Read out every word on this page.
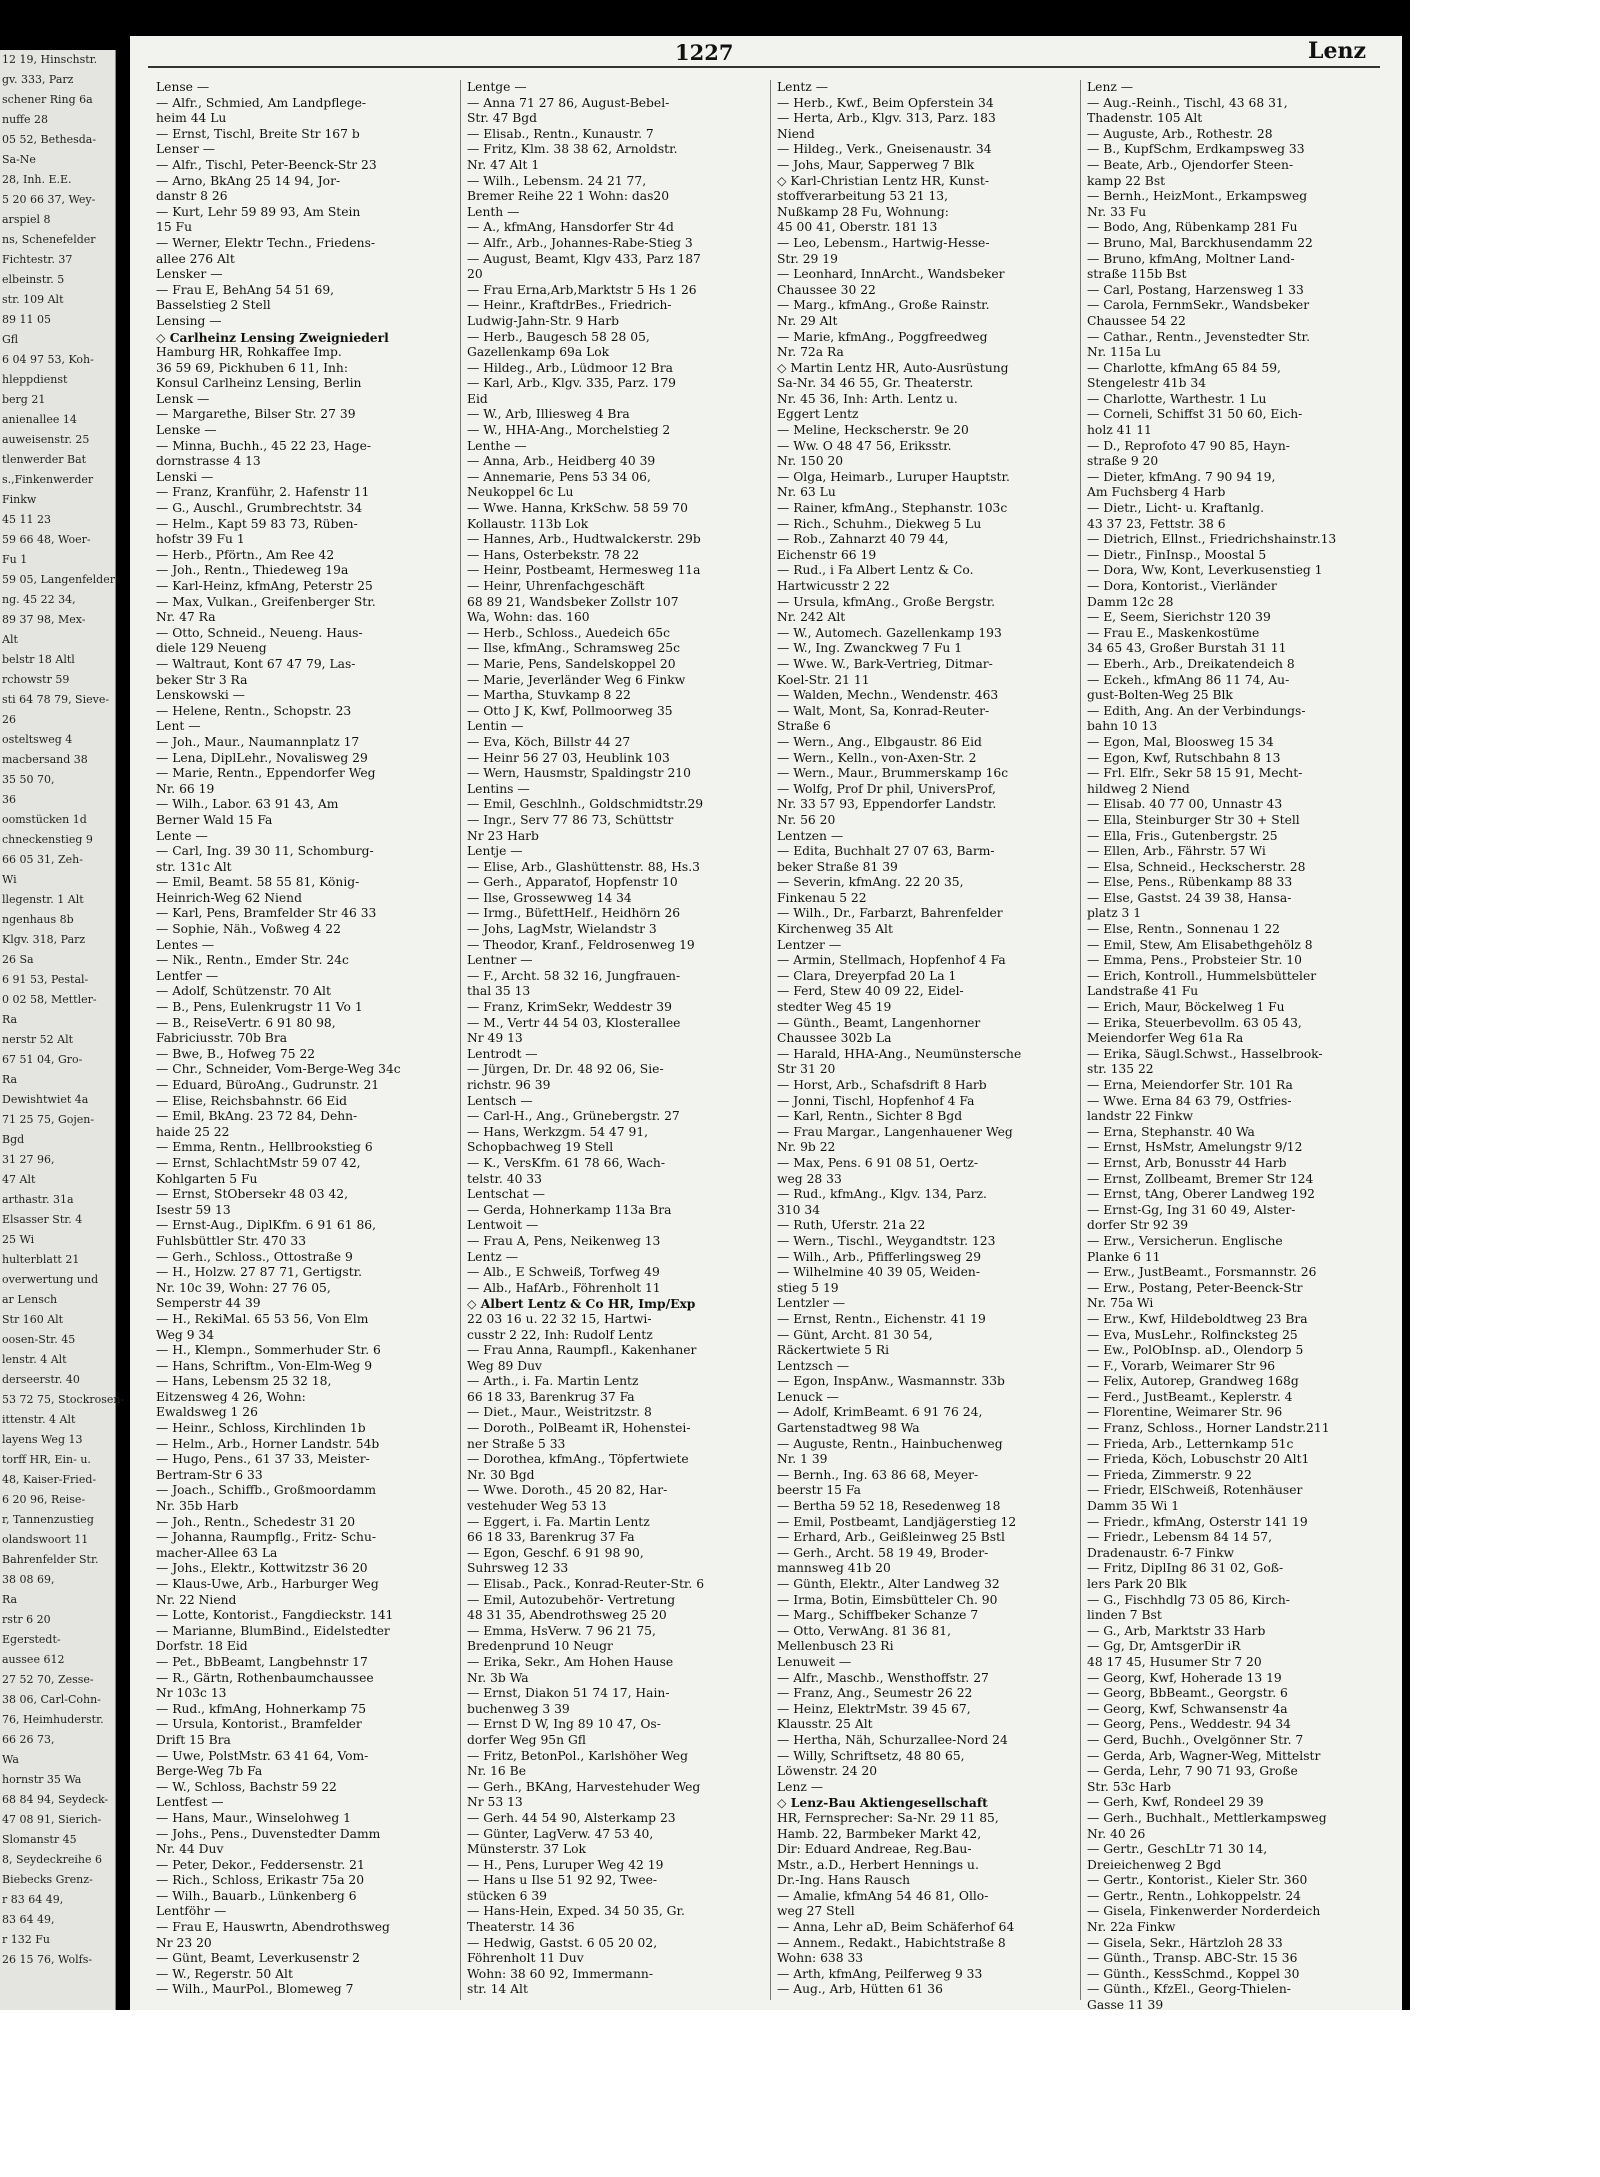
12 19, Hinschstr.
gv. 333, Parz
schener Ring 6a
nuffe 28
05 52, Bethesda-
Sa-Ne
28, Inh. E.E.
5 20 66 37, Wey-
arspiel 8
ns, Schenefelder
Fichtestr. 37
elbeinstr. 5
str. 109 Alt
89 11 05
Gfl
6 04 97 53, Koh-
hleppdienst
berg 21
anienallee 14
auweisenstr. 25
tlenwerder Bat
s.,Finkenwerder
Finkw
45 11 23
59 66 48, Woer-
Fu 1
59 05, Langenfelder
ng. 45 22 34,
89 37 98, Mex-
Alt
belstr 18 Altl
rchowstr 59
sti 64 78 79, Sieve-
26
osteltsweg 4
macbersand 38
35 50 70,
36
oomstücken 1d
chneckenstieg 9
66 05 31, Zeh-
Wi
llegenstr. 1 Alt
ngenhaus 8b
Klgv. 318, Parz
26 Sa
6 91 53, Pestal-
0 02 58, Mettler-
Ra
nerstr 52 Alt
67 51 04, Gro-
Ra
Dewishtwiet 4a
71 25 75, Gojen-
Bgd
31 27 96,
47 Alt
arthastr. 31a
Elsasser Str. 4
25 Wi
hulterblatt 21
overwertung und
ar Lensch
Str 160 Alt
oosen-Str. 45
lenstr. 4 Alt
derseerstr. 40
53 72 75, Stockrosen-
ittenstr. 4 Alt
layens Weg 13
torff HR, Ein- u.
48, Kaiser-Fried-
6 20 96, Reise-
r, Tannenzustieg
olandswoort 11
Bahrenfelder Str.
38 08 69,
Ra
rstr 6 20
Egerstedt-
aussee 612
27 52 70, Zesse-
38 06, Carl-Cohn-
76, Heimhuderstr.
66 26 73,
Wa
hornstr 35 Wa
68 84 94, Seydeck-
47 08 91, Sierich-
Slomanstr 45
8, Seydeckreihe 6
Biebecks Grenz-
r 83 64 49,
83 64 49,
r 132 Fu
26 15 76, Wolfs-
1227	Lenz
Lense —
— Alfr., Schmied, Am Landpflege-
heim 44 Lu
— Ernst, Tischl, Breite Str 167 b
Lenser —
— Alfr., Tischl, Peter-Beenck-Str 23
— Arno, BkAng 25 14 94, Jor-
danstr 8 26
— Kurt, Lehr 59 89 93, Am Stein
15 Fu
— Werner, Elektr Techn., Friedens-
allee 276 Alt
Lensker —
— Frau E, BehAng 54 51 69,
Basselstieg 2 Stell
Lensing —
◇ Carlheinz Lensing Zweigniederl
Hamburg HR, Rohkaffee Imp.
36 59 69, Pickhuben 6 11, Inh:
Konsul Carlheinz Lensing, Berlin
Lensk —
— Margarethe, Bilser Str. 27 39
Lenske —
— Minna, Buchh., 45 22 23, Hage-
dornstrasse 4 13
Lenski —
— Franz, Kranführ, 2. Hafenstr 11
— G., Auschl., Grumbrechtstr. 34
— Helm., Kapt 59 83 73, Rüben-
hofstr 39 Fu 1
— Herb., Pförtn., Am Ree 42
— Joh., Rentn., Thiedeweg 19a
— Karl-Heinz, kfmAng, Peterstr 25
— Max, Vulkan., Greifenberger Str.
Nr. 47 Ra
— Otto, Schneid., Neueng. Haus-
diele 129 Neueng
— Waltraut, Kont 67 47 79, Las-
beker Str 3 Ra
Lenskowski —
— Helene, Rentn., Schopstr. 23
Lent —
— Joh., Maur., Naumannplatz 17
— Lena, DiplLehr., Novalisweg 29
— Marie, Rentn., Eppendorfer Weg
Nr. 66 19
— Wilh., Labor. 63 91 43, Am
Berner Wald 15 Fa
Lente —
— Carl, Ing. 39 30 11, Schomburg-
str. 131c Alt
— Emil, Beamt. 58 55 81, König-
Heinrich-Weg 62 Niend
— Karl, Pens, Bramfelder Str 46 33
— Sophie, Näh., Voßweg 4 22
Lentes —
— Nik., Rentn., Emder Str. 24c
Lentfer —
— Adolf, Schützenstr. 70 Alt
— B., Pens, Eulenkrugstr 11 Vo 1
— B., ReiseVertr. 6 91 80 98,
Fabriciusstr. 70b Bra
— Bwe, B., Hofweg 75 22
— Chr., Schneider, Vom-Berge-Weg 34c
— Eduard, BüroAng., Gudrunstr. 21
— Elise, Reichsbahnstr. 66 Eid
— Emil, BkAng. 23 72 84, Dehn-
haide 25 22
— Emma, Rentn., Hellbrookstieg 6
— Ernst, SchlachtMstr 59 07 42,
Kohlgarten 5 Fu
— Ernst, StObersekr 48 03 42,
Isestr 59 13
— Ernst-Aug., DiplKfm. 6 91 61 86,
Fuhlsbüttler Str. 470 33
— Gerh., Schloss., Ottostraße 9
— H., Holzw. 27 87 71, Gertigstr.
Nr. 10c 39, Wohn: 27 76 05,
Semperstr 44 39
— H., RekiMal. 65 53 56, Von Elm
Weg 9 34
— H., Klempn., Sommerhuder Str. 6
— Hans, Schriftm., Von-Elm-Weg 9
— Hans, Lebensm 25 32 18,
Eitzensweg 4 26, Wohn:
Ewaldsweg 1 26
— Heinr., Schloss, Kirchlinden 1b
— Helm., Arb., Horner Landstr. 54b
— Hugo, Pens., 61 37 33, Meister-
Bertram-Str 6 33
— Joach., Schiffb., Großmoordamm
Nr. 35b Harb
— Joh., Rentn., Schedestr 31 20
— Johanna, Raumpflg., Fritz- Schu-
macher-Allee 63 La
— Johs., Elektr., Kottwitzstr 36 20
— Klaus-Uwe, Arb., Harburger Weg
Nr. 22 Niend
— Lotte, Kontorist., Fangdieckstr. 141
— Marianne, BlumBind., Eidelstedter
Dorfstr. 18 Eid
— Pet., BbBeamt, Langbehnstr 17
— R., Gärtn, Rothenbaumchaussee
Nr 103c 13
— Rud., kfmAng, Hohnerkamp 75
— Ursula, Kontorist., Bramfelder
Drift 15 Bra
— Uwe, PolstMstr. 63 41 64, Vom-
Berge-Weg 7b Fa
— W., Schloss, Bachstr 59 22
Lentfest —
— Hans, Maur., Winselohweg 1
— Johs., Pens., Duvenstedter Damm
Nr. 44 Duv
— Peter, Dekor., Feddersenstr. 21
— Rich., Schloss, Erikastr 75a 20
— Wilh., Bauarb., Lünkenberg 6
Lentföhr —
— Frau E, Hauswrtn, Abendrothsweg
Nr 23 20
— Günt, Beamt, Leverkusenstr 2
— W., Regerstr. 50 Alt
— Wilh., MaurPol., Blomeweg 7
Lentge —
— Anna 71 27 86, August-Bebel-
Str. 47 Bgd
— Elisab., Rentn., Kunaustr. 7
— Fritz, Klm. 38 38 62, Arnoldstr.
Nr. 47 Alt 1
— Wilh., Lebensm. 24 21 77,
Bremer Reihe 22 1 Wohn: das20
Lenth —
— A., kfmAng, Hansdorfer Str 4d
— Alfr., Arb., Johannes-Rabe-Stieg 3
— August, Beamt, Klgv 433, Parz 187
20
— Frau Erna,Arb,Marktstr 5 Hs 1 26
— Heinr., KraftdrBes., Friedrich-
Ludwig-Jahn-Str. 9 Harb
— Herb., Baugesch 58 28 05,
Gazellenkamp 69a Lok
— Hildeg., Arb., Lüdmoor 12 Bra
— Karl, Arb., Klgv. 335, Parz. 179
Eid
— W., Arb, Illiesweg 4 Bra
— W., HHA-Ang., Morchelstieg 2
Lenthe —
— Anna, Arb., Heidberg 40 39
— Annemarie, Pens 53 34 06,
Neukoppel 6c Lu
— Wwe. Hanna, KrkSchw. 58 59 70
Kollaustr. 113b Lok
— Hannes, Arb., Hudtwalckerstr. 29b
— Hans, Osterbekstr. 78 22
— Heinr, Postbeamt, Hermesweg 11a
— Heinr, Uhrenfachgeschäft
68 89 21, Wandsbeker Zollstr 107
Wa, Wohn: das. 160
— Herb., Schloss., Auedeich 65c
— Ilse, kfmAng., Schramsweg 25c
— Marie, Pens, Sandelskoppel 20
— Marie, Jeverländer Weg 6 Finkw
— Martha, Stuvkamp 8 22
— Otto J K, Kwf, Pollmoorweg 35
Lentin —
— Eva, Köch, Billstr 44 27
— Heinr 56 27 03, Heublink 103
— Wern, Hausmstr, Spaldingstr 210
Lentins —
— Emil, Geschlnh., Goldschmidtstr.29
— Ingr., Serv 77 86 73, Schüttstr
Nr 23 Harb
Lentje —
— Elise, Arb., Glashüttenstr. 88, Hs.3
— Gerh., Apparatof, Hopfenstr 10
— Ilse, Grossewweg 14 34
— Irmg., BüfettHelf., Heidhörn 26
— Johs, LagMstr, Wielandstr 3
— Theodor, Kranf., Feldrosenweg 19
Lentner —
— F., Archt. 58 32 16, Jungfrauen-
thal 35 13
— Franz, KrimSekr, Weddestr 39
— M., Vertr 44 54 03, Klosterallee
Nr 49 13
Lentrodt —
— Jürgen, Dr. Dr. 48 92 06, Sie-
richstr. 96 39
Lentsch —
— Carl-H., Ang., Grünebergstr. 27
— Hans, Werkzgm. 54 47 91,
Schopbachweg 19 Stell
— K., VersKfm. 61 78 66, Wach-
telstr. 40 33
Lentschat —
— Gerda, Hohnerkamp 113a Bra
Lentwoit —
— Frau A, Pens, Neikenweg 13
Lentz —
— Alb., E Schweiß, Torfweg 49
— Alb., HafArb., Föhrenholt 11
◇ Albert Lentz & Co HR, Imp/Exp
22 03 16 u. 22 32 15, Hartwi-
cusstr 2 22, Inh: Rudolf Lentz
— Frau Anna, Raumpfl., Kakenhaner
Weg 89 Duv
— Arth., i. Fa. Martin Lentz
66 18 33, Barenkrug 37 Fa
— Diet., Maur., Weistritzstr. 8
— Doroth., PolBeamt iR, Hohenstei-
ner Straße 5 33
— Dorothea, kfmAng., Töpfertwiete
Nr. 30 Bgd
— Wwe. Doroth., 45 20 82, Har-
vestehuder Weg 53 13
— Eggert, i. Fa. Martin Lentz
66 18 33, Barenkrug 37 Fa
— Egon, Geschf. 6 91 98 90,
Suhrsweg 12 33
— Elisab., Pack., Konrad-Reuter-Str. 6
— Emil, Autozubehör- Vertretung
48 31 35, Abendrothsweg 25 20
— Emma, HsVerw. 7 96 21 75,
Bredenprund 10 Neugr
— Erika, Sekr., Am Hohen Hause
Nr. 3b Wa
— Ernst, Diakon 51 74 17, Hain-
buchenweg 3 39
— Ernst D W, Ing 89 10 47, Os-
dorfer Weg 95n Gfl
— Fritz, BetonPol., Karlshöher Weg
Nr. 16 Be
— Gerh., BKAng, Harvestehuder Weg
Nr 53 13
— Gerh. 44 54 90, Alsterkamp 23
— Günter, LagVerw. 47 53 40,
Münsterstr. 37 Lok
— H., Pens, Luruper Weg 42 19
— Hans u Ilse 51 92 92, Twee-
stücken 6 39
— Hans-Hein, Exped. 34 50 35, Gr.
Theaterstr. 14 36
— Hedwig, Gastst. 6 05 20 02,
Föhrenholt 11 Duv
Wohn: 38 60 92, Immermann-
str. 14 Alt
Lentz —
— Herb., Kwf., Beim Opferstein 34
— Herta, Arb., Klgv. 313, Parz. 183
Niend
— Hildeg., Verk., Gneisenaustr. 34
— Johs, Maur, Sapperweg 7 Blk
◇ Karl-Christian Lentz HR, Kunst-
stoffverarbeitung 53 21 13,
Nußkamp 28 Fu, Wohnung:
45 00 41, Oberstr. 181 13
— Leo, Lebensm., Hartwig-Hesse-
Str. 29 19
— Leonhard, InnArcht., Wandsbeker
Chaussee 30 22
— Marg., kfmAng., Große Rainstr.
Nr. 29 Alt
— Marie, kfmAng., Poggfreedweg
Nr. 72a Ra
◇ Martin Lentz HR, Auto-Ausrüstung
Sa-Nr. 34 46 55, Gr. Theaterstr.
Nr. 45 36, Inh: Arth. Lentz u.
Eggert Lentz
— Meline, Heckscherstr. 9e 20
— Ww. O 48 47 56, Eriksstr.
Nr. 150 20
— Olga, Heimarb., Luruper Hauptstr.
Nr. 63 Lu
— Rainer, kfmAng., Stephanstr. 103c
— Rich., Schuhm., Diekweg 5 Lu
— Rob., Zahnarzt 40 79 44,
Eichenstr 66 19
— Rud., i Fa Albert Lentz & Co.
Hartwicusstr 2 22
— Ursula, kfmAng., Große Bergstr.
Nr. 242 Alt
— W., Automech. Gazellenkamp 193
— W., Ing. Zwanckweg 7 Fu 1
— Wwe. W., Bark-Vertrieg, Ditmar-
Koel-Str. 21 11
— Walden, Mechn., Wendenstr. 463
— Walt, Mont, Sa, Konrad-Reuter-
Straße 6
— Wern., Ang., Elbgaustr. 86 Eid
— Wern., Kelln., von-Axen-Str. 2
— Wern., Maur., Brummerskamp 16c
— Wolfg, Prof Dr phil, UniversProf,
Nr. 33 57 93, Eppendorfer Landstr.
Nr. 56 20
Lentzen —
— Edita, Buchhalt 27 07 63, Barm-
beker Straße 81 39
— Severin, kfmAng. 22 20 35,
Finkenau 5 22
— Wilh., Dr., Farbarzt, Bahrenfelder
Kirchenweg 35 Alt
Lentzer —
— Armin, Stellmach, Hopfenhof 4 Fa
— Clara, Dreyerpfad 20 La 1
— Ferd, Stew 40 09 22, Eidel-
stedter Weg 45 19
— Günth., Beamt, Langenhorner
Chaussee 302b La
— Harald, HHA-Ang., Neumünstersche
Str 31 20
— Horst, Arb., Schafsdrift 8 Harb
— Jonni, Tischl, Hopfenhof 4 Fa
— Karl, Rentn., Sichter 8 Bgd
— Frau Margar., Langenhauener Weg
Nr. 9b 22
— Max, Pens. 6 91 08 51, Oertz-
weg 28 33
— Rud., kfmAng., Klgv. 134, Parz.
310 34
— Ruth, Uferstr. 21a 22
— Wern., Tischl., Weygandtstr. 123
— Wilh., Arb., Pfifferlingsweg 29
— Wilhelmine 40 39 05, Weiden-
stieg 5 19
Lentzler —
— Ernst, Rentn., Eichenstr. 41 19
— Günt, Archt. 81 30 54,
Räckertwiete 5 Ri
Lentzsch —
— Egon, InspAnw., Wasmannstr. 33b
Lenuck —
— Adolf, KrimBeamt. 6 91 76 24,
Gartenstadtweg 98 Wa
— Auguste, Rentn., Hainbuchenweg
Nr. 1 39
— Bernh., Ing. 63 86 68, Meyer-
beerstr 15 Fa
— Bertha 59 52 18, Resedenweg 18
— Emil, Postbeamt, Landjägerstieg 12
— Erhard, Arb., Geißleinweg 25 Bstl
— Gerh., Archt. 58 19 49, Broder-
mannsweg 41b 20
— Günth, Elektr., Alter Landweg 32
— Irma, Botin, Eimsbütteler Ch. 90
— Marg., Schiffbeker Schanze 7
— Otto, VerwAng. 81 36 81,
Mellenbusch 23 Ri
Lenuweit —
— Alfr., Maschb., Wensthoffstr. 27
— Franz, Ang., Seumestr 26 22
— Heinz, ElektrMstr. 39 45 67,
Klausstr. 25 Alt
— Hertha, Näh, Schurzallee-Nord 24
— Willy, Schriftsetz, 48 80 65,
Löwenstr. 24 20
Lenz —
◇ Lenz-Bau Aktiengesellschaft
HR, Fernsprecher: Sa-Nr. 29 11 85,
Hamb. 22, Barmbeker Markt 42,
Dir: Eduard Andreae, Reg.Bau-
Mstr., a.D., Herbert Hennings u.
Dr.-Ing. Hans Rausch
— Amalie, kfmAng 54 46 81, Ollo-
weg 27 Stell
— Anna, Lehr aD, Beim Schäferhof 64
— Annem., Redakt., Habichtstraße 8
Wohn: 638 33
— Arth, kfmAng, Peilferweg 9 33
— Aug., Arb, Hütten 61 36
Lenz —
— Aug.-Reinh., Tischl, 43 68 31,
Thadenstr. 105 Alt
— Auguste, Arb., Rothestr. 28
— B., KupfSchm, Erdkampsweg 33
— Beate, Arb., Ojendorfer Steen-
kamp 22 Bst
— Bernh., HeizMont., Erkampsweg
Nr. 33 Fu
— Bodo, Ang, Rübenkamp 281 Fu
— Bruno, Mal, Barckhusendamm 22
— Bruno, kfmAng, Moltner Land-
straße 115b Bst
— Carl, Postang, Harzensweg 1 33
— Carola, FernmSekr., Wandsbeker
Chaussee 54 22
— Cathar., Rentn., Jevenstedter Str.
Nr. 115a Lu
— Charlotte, kfmAng 65 84 59,
Stengelestr 41b 34
— Charlotte, Warthestr. 1 Lu
— Corneli, Schiffst 31 50 60, Eich-
holz 41 11
— D., Reprofoto 47 90 85, Hayn-
straße 9 20
— Dieter, kfmAng. 7 90 94 19,
Am Fuchsberg 4 Harb
— Dietr., Licht- u. Kraftanlg.
43 37 23, Fettstr. 38 6
— Dietrich, Ellnst., Friedrichshainstr.13
— Dietr., FinInsp., Moostal 5
— Dora, Ww, Kont, Leverkusenstieg 1
— Dora, Kontorist., Vierländer
Damm 12c 28
— E, Seem, Sierichstr 120 39
— Frau E., Maskenkostüme
34 65 43, Großer Burstah 31 11
— Eberh., Arb., Dreikatendeich 8
— Eckeh., kfmAng 86 11 74, Au-
gust-Bolten-Weg 25 Blk
— Edith, Ang. An der Verbindungs-
bahn 10 13
— Egon, Mal, Bloosweg 15 34
— Egon, Kwf, Rutschbahn 8 13
— Frl. Elfr., Sekr 58 15 91, Mecht-
hildweg 2 Niend
— Elisab. 40 77 00, Unnastr 43
— Ella, Steinburger Str 30 + Stell
— Ella, Fris., Gutenbergstr. 25
— Ellen, Arb., Fährstr. 57 Wi
— Elsa, Schneid., Heckscherstr. 28
— Else, Pens., Rübenkamp 88 33
— Else, Gastst. 24 39 38, Hansa-
platz 3 1
— Else, Rentn., Sonnenau 1 22
— Emil, Stew, Am Elisabethgehölz 8
— Emma, Pens., Probsteier Str. 10
— Erich, Kontroll., Hummelsbütteler
Landstraße 41 Fu
— Erich, Maur, Böckelweg 1 Fu
— Erika, Steuerbevollm. 63 05 43,
Meiendorfer Weg 61a Ra
— Erika, Säugl.Schwst., Hasselbrook-
str. 135 22
— Erna, Meiendorfer Str. 101 Ra
— Wwe. Erna 84 63 79, Ostfries-
landstr 22 Finkw
— Erna, Stephanstr. 40 Wa
— Ernst, HsMstr, Amelungstr 9/12
— Ernst, Arb, Bonusstr 44 Harb
— Ernst, Zollbeamt, Bremer Str 124
— Ernst, tAng, Oberer Landweg 192
— Ernst-Gg, Ing 31 60 49, Alster-
dorfer Str 92 39
— Erw., Versicherun. Englische
Planke 6 11
— Erw., JustBeamt., Forsmannstr. 26
— Erw., Postang, Peter-Beenck-Str
Nr. 75a Wi
— Erw., Kwf, Hildeboldtweg 23 Bra
— Eva, MusLehr., Rolfincksteg 25
— Ew., PolObInsp. aD., Olendorp 5
— F., Vorarb, Weimarer Str 96
— Felix, Autorep, Grandweg 168g
— Ferd., JustBeamt., Keplerstr. 4
— Florentine, Weimarer Str. 96
— Franz, Schloss., Horner Landstr.211
— Frieda, Arb., Letternkamp 51c
— Frieda, Köch, Lobuschstr 20 Alt1
— Frieda, Zimmerstr. 9 22
— Friedr, ElSchweiß, Rotenhäuser
Damm 35 Wi 1
— Friedr., kfmAng, Osterstr 141 19
— Friedr., Lebensm 84 14 57,
Dradenaustr. 6-7 Finkw
— Fritz, DiplIng 86 31 02, Goß-
lers Park 20 Blk
— G., Fischhdlg 73 05 86, Kirch-
linden 7 Bst
— G., Arb, Marktstr 33 Harb
— Gg, Dr, AmtsgerDir iR
48 17 45, Husumer Str 7 20
— Georg, Kwf, Hoherade 13 19
— Georg, BbBeamt., Georgstr. 6
— Georg, Kwf, Schwansenstr 4a
— Georg, Pens., Weddestr. 94 34
— Gerd, Buchh., Ovelgönner Str. 7
— Gerda, Arb, Wagner-Weg, Mittelstr
— Gerda, Lehr, 7 90 71 93, Große
Str. 53c Harb
— Gerh, Kwf, Rondeel 29 39
— Gerh., Buchhalt., Mettlerkampsweg
Nr. 40 26
— Gertr., GeschLtr 71 30 14,
Dreieichenweg 2 Bgd
— Gertr., Kontorist., Kieler Str. 360
— Gertr., Rentn., Lohkoppelstr. 24
— Gisela, Finkenwerder Norderdeich
Nr. 22a Finkw
— Gisela, Sekr., Härtzloh 28 33
— Günth., Transp. ABC-Str. 15 36
— Günth., KessSchmd., Koppel 30
— Günth., KfzEl., Georg-Thielen-
Gasse 11 39
